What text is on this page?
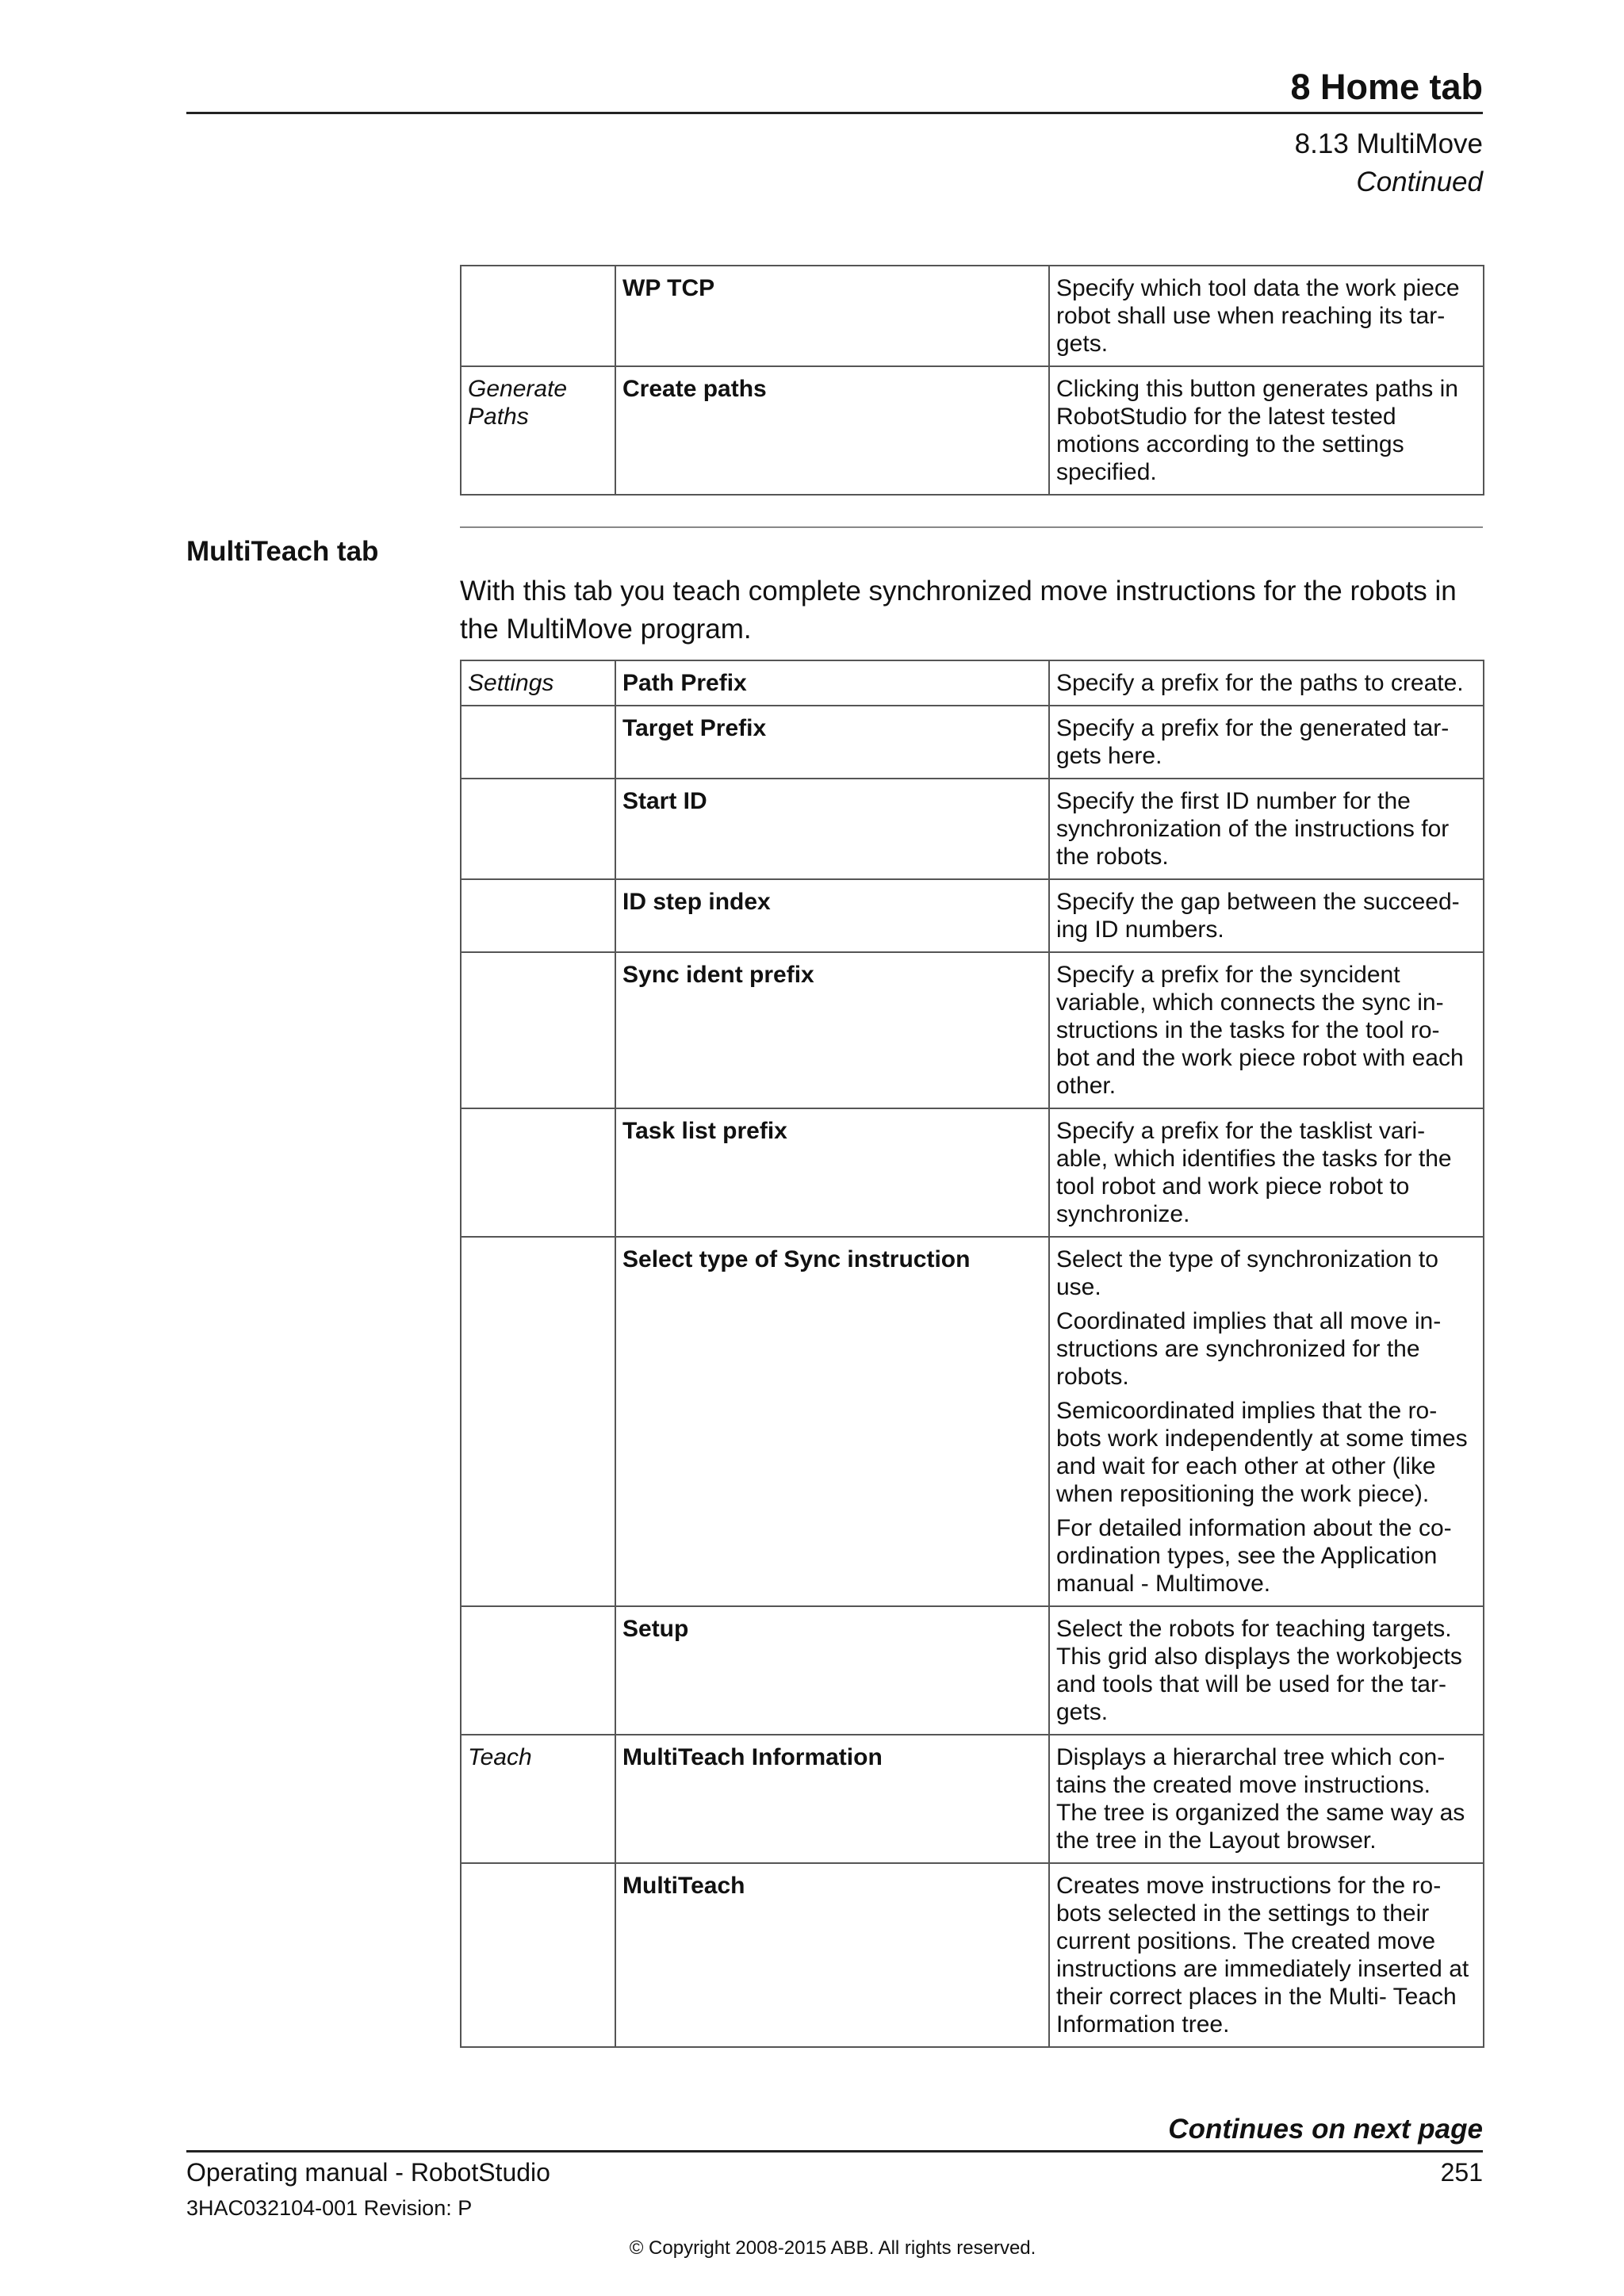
8 Home tab
8.13 MultiMove
Continued
	WP TCP	Specify which tool data the work piece robot shall use when reaching its tar- gets.

Generate Paths	Create paths	Clicking this button generates paths in RobotStudio for the latest tested motions according to the settings specified.
MultiTeach tab
With this tab you teach complete synchronized move instructions for the robots in the MultiMove program.
Settings	Path Prefix	Specify a prefix for the paths to create.

	Target Prefix	Specify a prefix for the generated tar- gets here.

	Start ID	Specify the first ID number for the synchronization of the instructions for the robots.

	ID step index	Specify the gap between the succeed- ing ID numbers.

	Sync ident prefix	Specify a prefix for the syncident variable, which connects the sync in- structions in the tasks for the tool ro- bot and the work piece robot with each other.

	Task list prefix	Specify a prefix for the tasklist vari- able, which identifies the tasks for the tool robot and work piece robot to synchronize.

	Select type of Sync instruction	Select the type of synchronization to use.
Coordinated implies that all move in- structions are synchronized for the robots.
Semicoordinated implies that the ro- bots work independently at some times and wait for each other at other (like when repositioning the work piece).
For detailed information about the co- ordination types, see the Application manual - Multimove.

	Setup	Select the robots for teaching targets. This grid also displays the workobjects and tools that will be used for the tar- gets.

Teach	MultiTeach Information	Displays a hierarchal tree which con- tains the created move instructions. The tree is organized the same way as the tree in the Layout browser.

	MultiTeach	Creates move instructions for the ro- bots selected in the settings to their current positions. The created move instructions are immediately inserted at their correct places in the Multi- Teach Information tree.
Continues on next page
Operating manual - RobotStudio	251
3HAC032104-001 Revision: P
© Copyright 2008-2015 ABB. All rights reserved.
